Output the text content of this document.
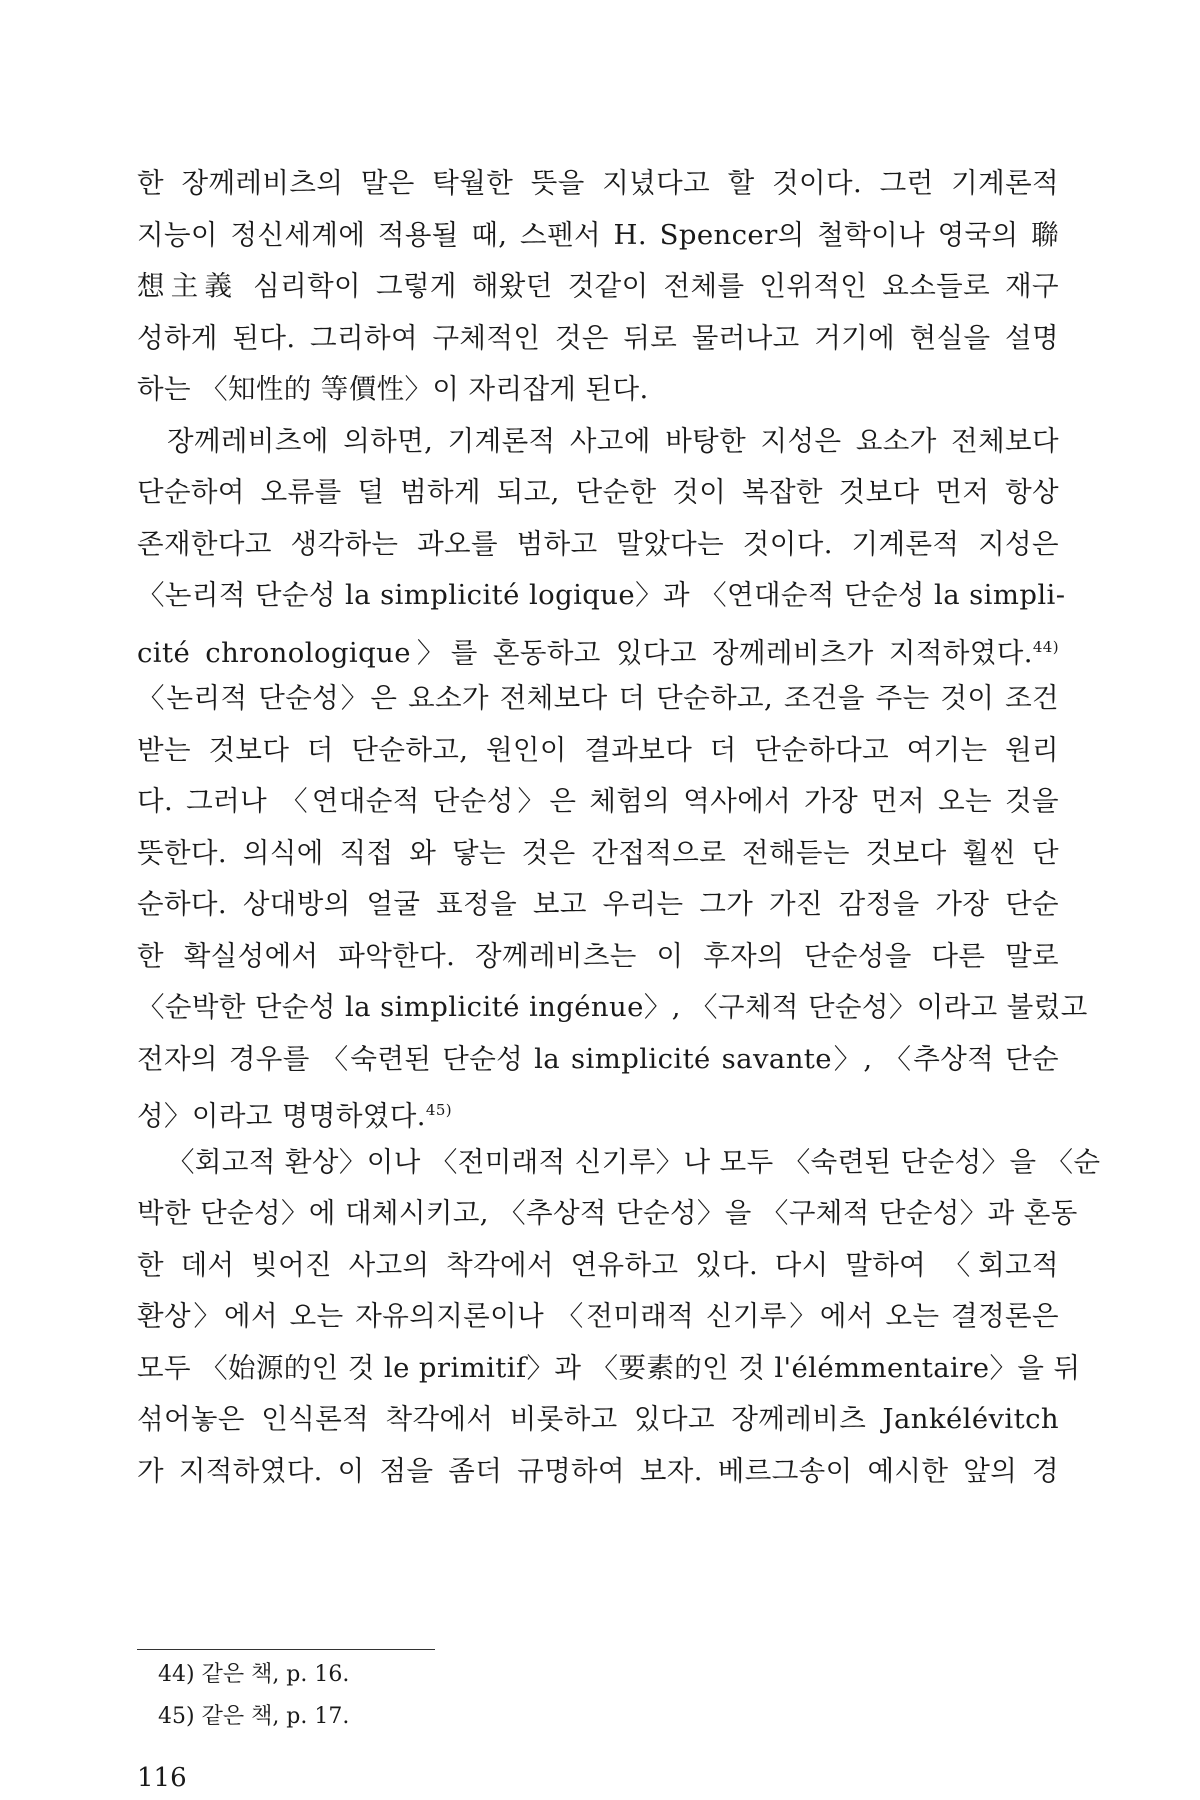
한 장께레비츠의 말은 탁월한 뜻을 지녔다고 할 것이다. 그런 기계론적
지능이 정신세계에 적용될 때, 스펜서 H. Spencer의 철학이나 영국의 聯
想主義 심리학이 그렇게 해왔던 것같이 전체를 인위적인 요소들로 재구
성하게 된다. 그리하여 구체적인 것은 뒤로 물러나고 거기에 현실을 설명
하는 〈知性的 等價性〉이 자리잡게 된다.
장께레비츠에 의하면, 기계론적 사고에 바탕한 지성은 요소가 전체보다
단순하여 오류를 덜 범하게 되고, 단순한 것이 복잡한 것보다 먼저 항상
존재한다고 생각하는 과오를 범하고 말았다는 것이다. 기계론적 지성은
〈논리적 단순성 la simplicité logique〉과 〈연대순적 단순성 la simpli-
cité chronologique〉를 혼동하고 있다고 장께레비츠가 지적하였다.$^{44)}$
〈논리적 단순성〉은 요소가 전체보다 더 단순하고, 조건을 주는 것이 조건
받는 것보다 더 단순하고, 원인이 결과보다 더 단순하다고 여기는 원리
다. 그러나 〈연대순적 단순성〉은 체험의 역사에서 가장 먼저 오는 것을
뜻한다. 의식에 직접 와 닿는 것은 간접적으로 전해듣는 것보다 훨씬 단
순하다. 상대방의 얼굴 표정을 보고 우리는 그가 가진 감정을 가장 단순
한 확실성에서 파악한다. 장께레비츠는 이 후자의 단순성을 다른 말로
〈순박한 단순성 la simplicité ingénue〉, 〈구체적 단순성〉이라고 불렀고
전자의 경우를 〈숙련된 단순성 la simplicité savante〉, 〈추상적 단순
성〉이라고 명명하였다.$^{45)}$
〈회고적 환상〉이나 〈전미래적 신기루〉나 모두 〈숙련된 단순성〉을 〈순
박한 단순성〉에 대체시키고, 〈추상적 단순성〉을 〈구체적 단순성〉과 혼동
한 데서 빚어진 사고의 착각에서 연유하고 있다. 다시 말하여 〈회고적
환상〉에서 오는 자유의지론이나 〈전미래적 신기루〉에서 오는 결정론은
모두 〈始源的인 것 le primitif〉과 〈要素的인 것 l'élémmentaire〉을 뒤
섞어놓은 인식론적 착각에서 비롯하고 있다고 장께레비츠 Jankélévitch
가 지적하였다. 이 점을 좀더 규명하여 보자. 베르그송이 예시한 앞의 경
44) 같은 책, p. 16.
45) 같은 책, p. 17.
116
